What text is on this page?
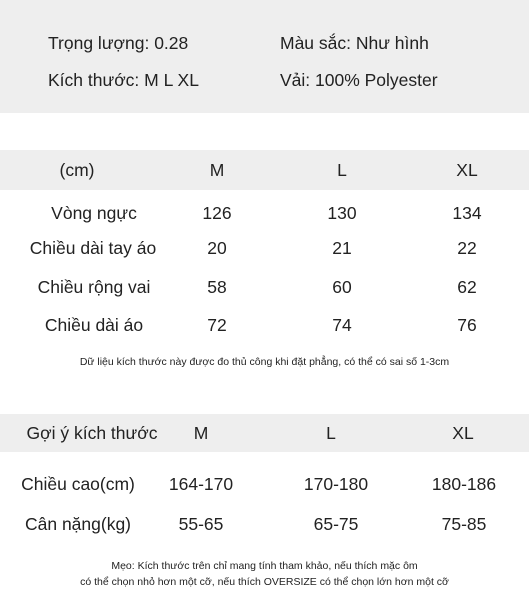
Trọng lượng: 0.28	Màu sắc: Như hình
Kích thước: M L XL	Vải: 100% Polyester
(cm)	M	L	XL
Vòng ngực	126	130	134
Chiều dài tay áo	20	21	22
Chiều rộng vai	58	60	62
Chiều dài áo	72	74	76
Dữ liệu kích thước này được đo thủ công khi đặt phẳng, có thể có sai số 1-3cm
Gợi ý kích thước M	L	XL
Chiều cao(cm) 164-170	170-180	180-186
Cân nặng(kg)	55-65	65-75	75-85
Mẹo: Kích thước trên chỉ mang tính tham khảo, nếu thích mặc ôm
có thể chọn nhỏ hơn một cỡ, nếu thích OVERSIZE có thể chọn lớn hơn một cỡ
